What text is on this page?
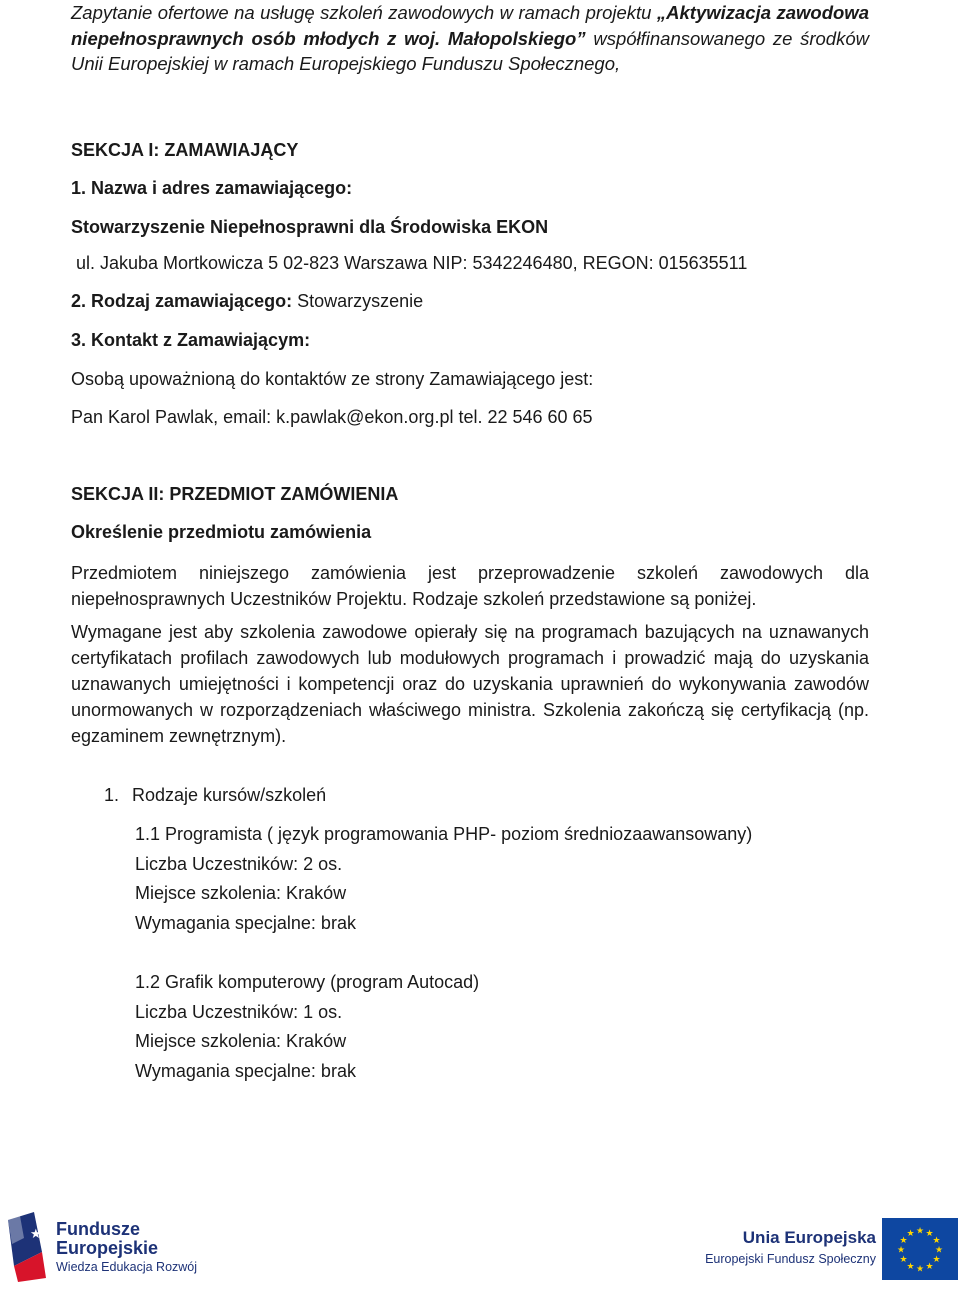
Zapytanie ofertowe na usługę szkoleń zawodowych w ramach projektu „Aktywizacja zawodowa niepełnosprawnych osób młodych z woj. Małopolskiego” współfinansowanego ze środków Unii Europejskiej w ramach Europejskiego Funduszu Społecznego,
SEKCJA I: ZAMAWIAJĄCY
1. Nazwa i adres zamawiającego:
Stowarzyszenie Niepełnosprawni dla Środowiska EKON
ul. Jakuba Mortkowicza 5 02-823 Warszawa NIP: 5342246480, REGON: 015635511
2. Rodzaj zamawiającego: Stowarzyszenie
3. Kontakt z Zamawiającym:
Osobą upoważnioną do kontaktów ze strony Zamawiającego jest:
Pan Karol Pawlak, email: k.pawlak@ekon.org.pl tel. 22 546 60 65
SEKCJA II: PRZEDMIOT ZAMÓWIENIA
Określenie przedmiotu zamówienia
Przedmiotem niniejszego zamówienia jest przeprowadzenie szkoleń zawodowych dla niepełnosprawnych Uczestników Projektu. Rodzaje szkoleń przedstawione są poniżej.
Wymagane jest aby szkolenia zawodowe opierały się na programach bazujących na uznawanych certyfikatach profilach zawodowych lub modułowych programach i prowadzić mają do uzyskania uznawanych umiejętności i kompetencji oraz do uzyskania uprawnień do wykonywania zawodów unormowanych w rozporządzeniach właściwego ministra. Szkolenia zakończą się certyfikacją (np. egzaminem zewnętrznym).
1. Rodzaje kursów/szkoleń
1.1 Programista ( język programowania PHP- poziom średniozaawansowany)
Liczba Uczestników: 2 os.
Miejsce szkolenia: Kraków
Wymagania specjalne: brak
1.2 Grafik komputerowy (program Autocad)
Liczba Uczestników: 1 os.
Miejsce szkolenia: Kraków
Wymagania specjalne: brak
★ Fundusze
Europejskie
Wiedza Edukacja Rozwój
Unia Europejska
Europejski Fundusz Społeczny
★ ★
★
★
★
★
★
★
★
★
★
★
